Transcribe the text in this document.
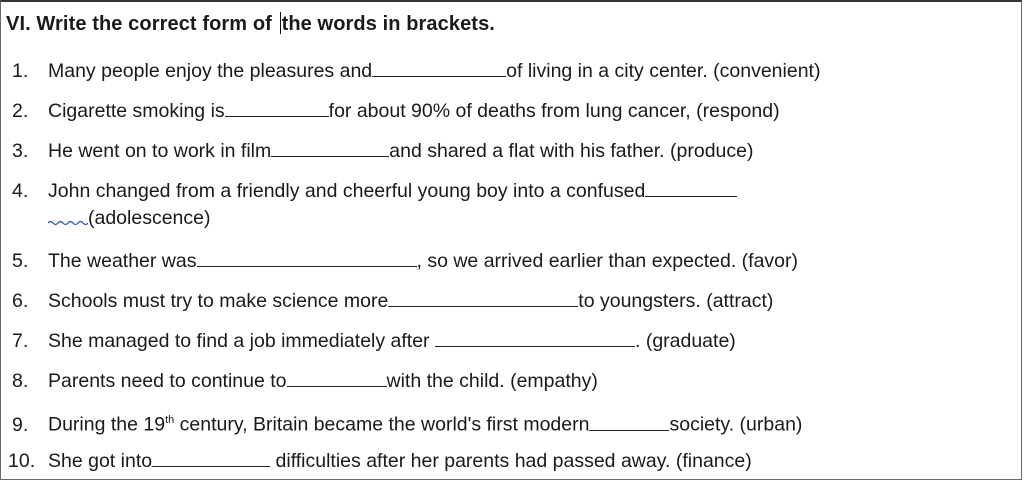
VI. Write the correct form of the words in brackets.
1. Many people enjoy the pleasures and	of living in a city center. (convenient)
2. Cigarette smoking is	for about 90% of deaths from lung cancer, (respond)
3. He went on to work in film	and shared a flat with his father. (produce)
4. John changed from a friendly and cheerful young boy into a confused
(adolescence)
5. The weather was	, so we arrived earlier than expected. (favor)
6. Schools must try to make science more	to youngsters. (attract)
7. She managed to find a job immediately after	. (graduate)
8. Parents need to continue to	with the child. (empathy)
9. During the 19th century, Britain became the world's first modern	society. (urban)
10. She got into	difficulties after her parents had passed away. (finance)
